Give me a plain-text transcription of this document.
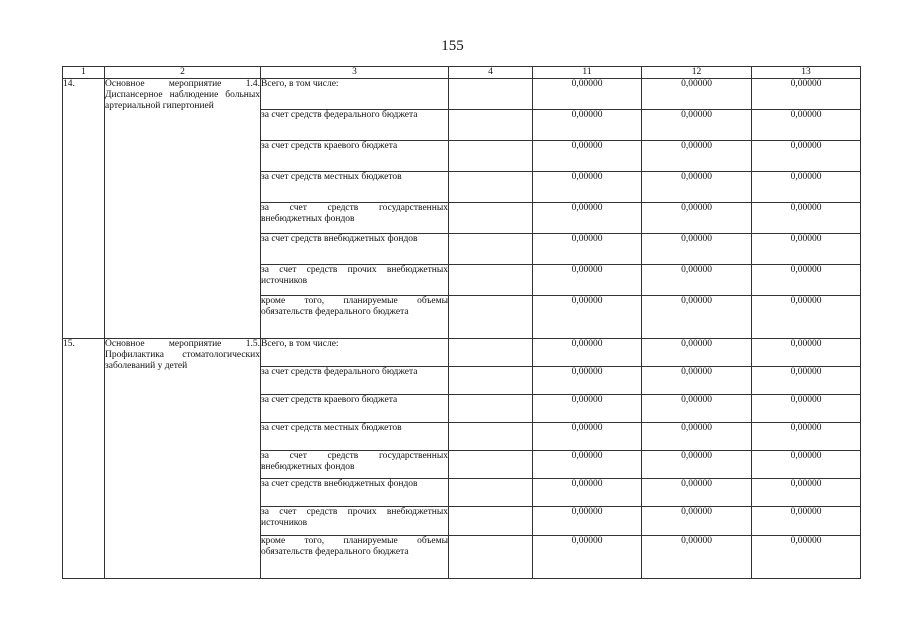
155
1	2	3	4	11	12	13
14.	Основное мероприятие 1.4. Диспансерное наблюдение больных артериальной гипертонией	Всего, в том числе:		0,00000	0,00000	0,00000
		за счет средств федерального бюджета		0,00000	0,00000	0,00000
		за счет средств краевого бюджета		0,00000	0,00000	0,00000
		за счет средств местных бюджетов		0,00000	0,00000	0,00000
		за счет средств государственных внебюджетных фондов		0,00000	0,00000	0,00000
		за счет средств внебюджетных фондов		0,00000	0,00000	0,00000
		за счет средств прочих внебюджетных источников		0,00000	0,00000	0,00000
		кроме того, планируемые объемы обязательств федерального бюджета		0,00000	0,00000	0,00000
15.	Основное мероприятие 1.5. Профилактика стоматологических заболеваний у детей	Всего, в том числе:		0,00000	0,00000	0,00000
		за счет средств федерального бюджета		0,00000	0,00000	0,00000
		за счет средств краевого бюджета		0,00000	0,00000	0,00000
		за счет средств местных бюджетов		0,00000	0,00000	0,00000
		за счет средств государственных внебюджетных фондов		0,00000	0,00000	0,00000
		за счет средств внебюджетных фондов		0,00000	0,00000	0,00000
		за счет средств прочих внебюджетных источников		0,00000	0,00000	0,00000
		кроме того, планируемые объемы обязательств федерального бюджета		0,00000	0,00000	0,00000
